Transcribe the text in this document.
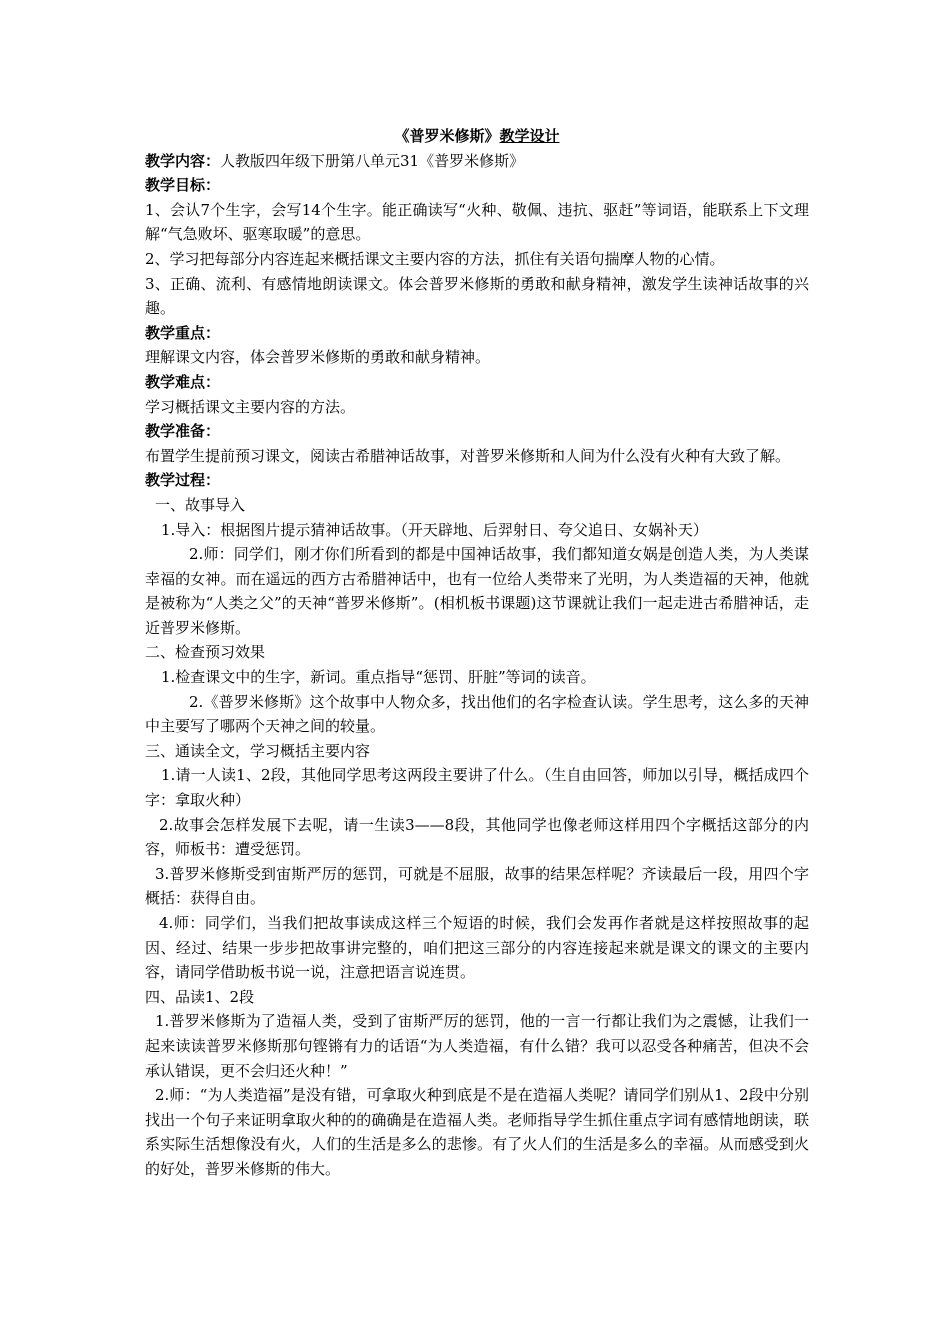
《普罗米修斯》教学设计

教学内容：人教版四年级下册第八单元31《普罗米修斯》

教学目标：

1、会认7个生字，会写14个生字。能正确读写“火种、敬佩、违抗、驱赶”等词语，能联系上下文理解“气急败坏、驱寒取暖”的意思。

2、学习把每部分内容连起来概括课文主要内容的方法，抓住有关语句揣摩人物的心情。

3、正确、流利、有感情地朗读课文。体会普罗米修斯的勇敢和献身精神，激发学生读神话故事的兴趣。

教学重点：

理解课文内容，体会普罗米修斯的勇敢和献身精神。

教学难点：

学习概括课文主要内容的方法。

教学准备：

布置学生提前预习课文，阅读古希腊神话故事，对普罗米修斯和人间为什么没有火种有大致了解。

教学过程：

一、故事导入

1.导入：根据图片提示猜神话故事。（开天辟地、后羿射日、夸父追日、女娲补天）

2.师：同学们，刚才你们所看到的都是中国神话故事，我们都知道女娲是创造人类，为人类谋幸福的女神。而在遥远的西方古希腊神话中，也有一位给人类带来了光明，为人类造福的天神，他就是被称为“人类之父”的天神“普罗米修斯”。(相机板书课题)这节课就让我们一起走进古希腊神话，走近普罗米修斯。

二、检查预习效果

1.检查课文中的生字，新词。重点指导“惩罚、肝脏”等词的读音。

2.《普罗米修斯》这个故事中人物众多，找出他们的名字检查认读。学生思考，这么多的天神中主要写了哪两个天神之间的较量。

三、通读全文，学习概括主要内容

1.请一人读1、2段，其他同学思考这两段主要讲了什么。（生自由回答，师加以引导，概括成四个字：拿取火种）

2.故事会怎样发展下去呢，请一生读3——8段，其他同学也像老师这样用四个字概括这部分的内容，师板书：遭受惩罚。

3.普罗米修斯受到宙斯严厉的惩罚，可就是不屈服，故事的结果怎样呢？齐读最后一段，用四个字概括：获得自由。

4.师：同学们，当我们把故事读成这样三个短语的时候，我们会发再作者就是这样按照故事的起因、经过、结果一步步把故事讲完整的，咱们把这三部分的内容连接起来就是课文的课文的主要内容，请同学借助板书说一说，注意把语言说连贯。

四、品读1、2段

1.普罗米修斯为了造福人类，受到了宙斯严厉的惩罚，他的一言一行都让我们为之震憾，让我们一起来读读普罗米修斯那句铿锵有力的话语“为人类造福，有什么错？我可以忍受各种痛苦，但决不会承认错误，更不会归还火种！”

2.师：“为人类造福”是没有错，可拿取火种到底是不是在造福人类呢？请同学们别从1、2段中分别找出一个句子来证明拿取火种的的确确是在造福人类。老师指导学生抓住重点字词有感情地朗读，联系实际生活想像没有火，人们的生活是多么的悲惨。有了火人们的生活是多么的幸福。从而感受到火的好处，普罗米修斯的伟大。
